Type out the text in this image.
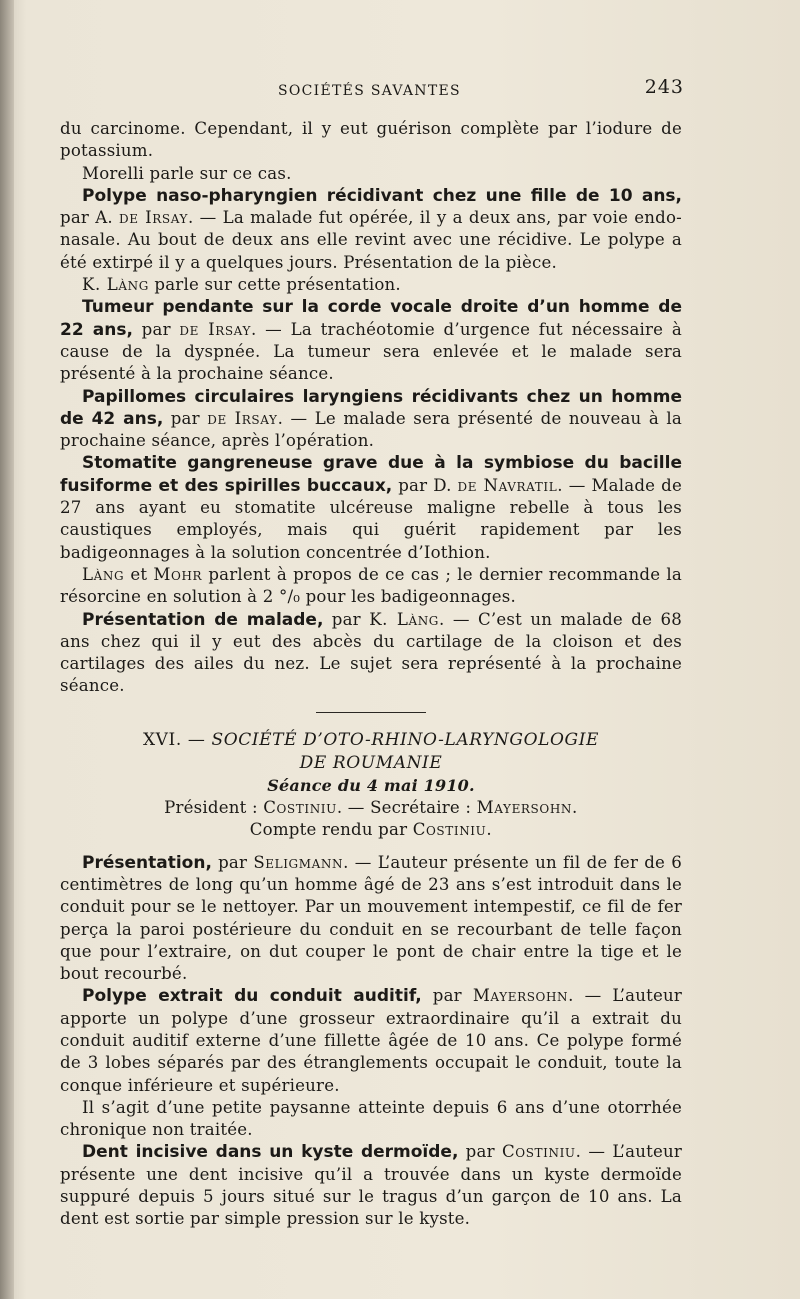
SOCIÉTÉS SAVANTES	243

du carcinome. Cependant, il y eut guérison complète par l’iodure de potassium.

Morelli parle sur ce cas.

Polype naso-pharyngien récidivant chez une fille de 10 ans, par A. de Irsay. — La malade fut opérée, il y a deux ans, par voie endo-nasale. Au bout de deux ans elle revint avec une récidive. Le polype a été extirpé il y a quelques jours. Présentation de la pièce.

K. Làng parle sur cette présentation.

Tumeur pendante sur la corde vocale droite d’un homme de 22 ans, par de Irsay. — La trachéotomie d’urgence fut nécessaire à cause de la dyspnée. La tumeur sera enlevée et le malade sera présenté à la prochaine séance.

Papillomes circulaires laryngiens récidivants chez un homme de 42 ans, par de Irsay. — Le malade sera présenté de nouveau à la prochaine séance, après l’opération.

Stomatite gangreneuse grave due à la symbiose du bacille fusiforme et des spirilles buccaux, par D. de Navratil. — Malade de 27 ans ayant eu stomatite ulcéreuse maligne rebelle à tous les caustiques employés, mais qui guérit rapidement par les badigeonnages à la solution concentrée d’Iothion.

Làng et Mohr parlent à propos de ce cas ; le dernier recommande la résorcine en solution à 2 °/₀ pour les badigeonnages.

Présentation de malade, par K. Làng. — C’est un malade de 68 ans chez qui il y eut des abcès du cartilage de la cloison et des cartilages des ailes du nez. Le sujet sera représenté à la prochaine séance.

XVI. — SOCIÉTÉ D’OTO-RHINO-LARYNGOLOGIE

DE ROUMANIE

Séance du 4 mai 1910.

Président : Costiniu. — Secrétaire : Mayersohn.

Compte rendu par Costiniu.

Présentation, par Seligmann. — L’auteur présente un fil de fer de 6 centimètres de long qu’un homme âgé de 23 ans s’est introduit dans le conduit pour se le nettoyer. Par un mouvement intempestif, ce fil de fer perça la paroi postérieure du conduit en se recourbant de telle façon que pour l’extraire, on dut couper le pont de chair entre la tige et le bout recourbé.

Polype extrait du conduit auditif, par Mayersohn. — L’auteur apporte un polype d’une grosseur extraordinaire qu’il a extrait du conduit auditif externe d’une fillette âgée de 10 ans. Ce polype formé de 3 lobes séparés par des étranglements occupait le conduit, toute la conque inférieure et supérieure.

Il s’agit d’une petite paysanne atteinte depuis 6 ans d’une otorrhée chronique non traitée.

Dent incisive dans un kyste dermoïde, par Costiniu. — L’auteur présente une dent incisive qu’il a trouvée dans un kyste dermoïde suppuré depuis 5 jours situé sur le tragus d’un garçon de 10 ans. La dent est sortie par simple pression sur le kyste.
